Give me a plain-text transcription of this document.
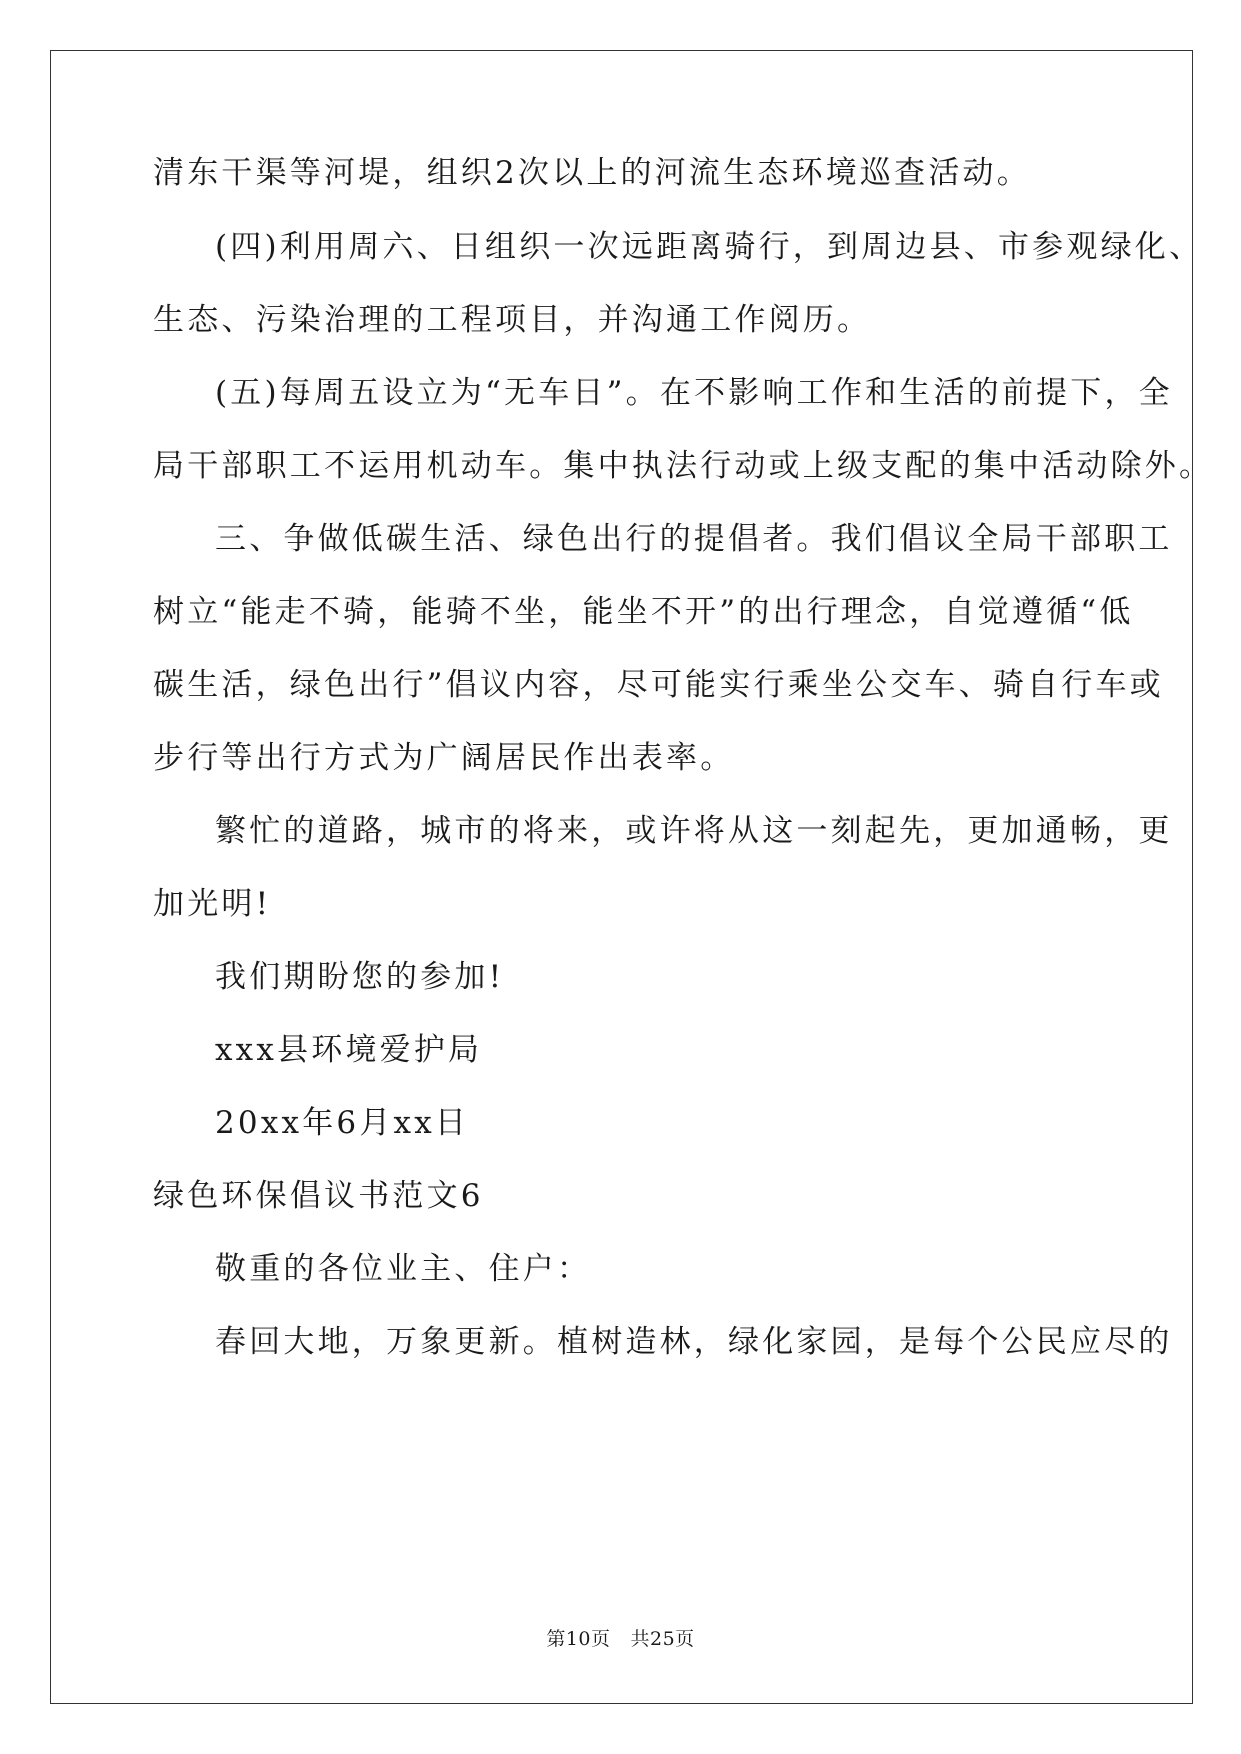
清东干渠等河堤，组织2次以上的河流生态环境巡查活动。
(四)利用周六、日组织一次远距离骑行，到周边县、市参观绿化、
生态、污染治理的工程项目，并沟通工作阅历。
(五)每周五设立为“无车日”。在不影响工作和生活的前提下，全
局干部职工不运用机动车。集中执法行动或上级支配的集中活动除外。
三、争做低碳生活、绿色出行的提倡者。我们倡议全局干部职工
树立“能走不骑，能骑不坐，能坐不开”的出行理念，自觉遵循“低
碳生活，绿色出行”倡议内容，尽可能实行乘坐公交车、骑自行车或
步行等出行方式为广阔居民作出表率。
繁忙的道路，城市的将来，或许将从这一刻起先，更加通畅，更
加光明!
我们期盼您的参加!
xxx县环境爱护局
20xx年6月xx日
绿色环保倡议书范文6
敬重的各位业主、住户：
春回大地，万象更新。植树造林，绿化家园，是每个公民应尽的
第10页 共25页
